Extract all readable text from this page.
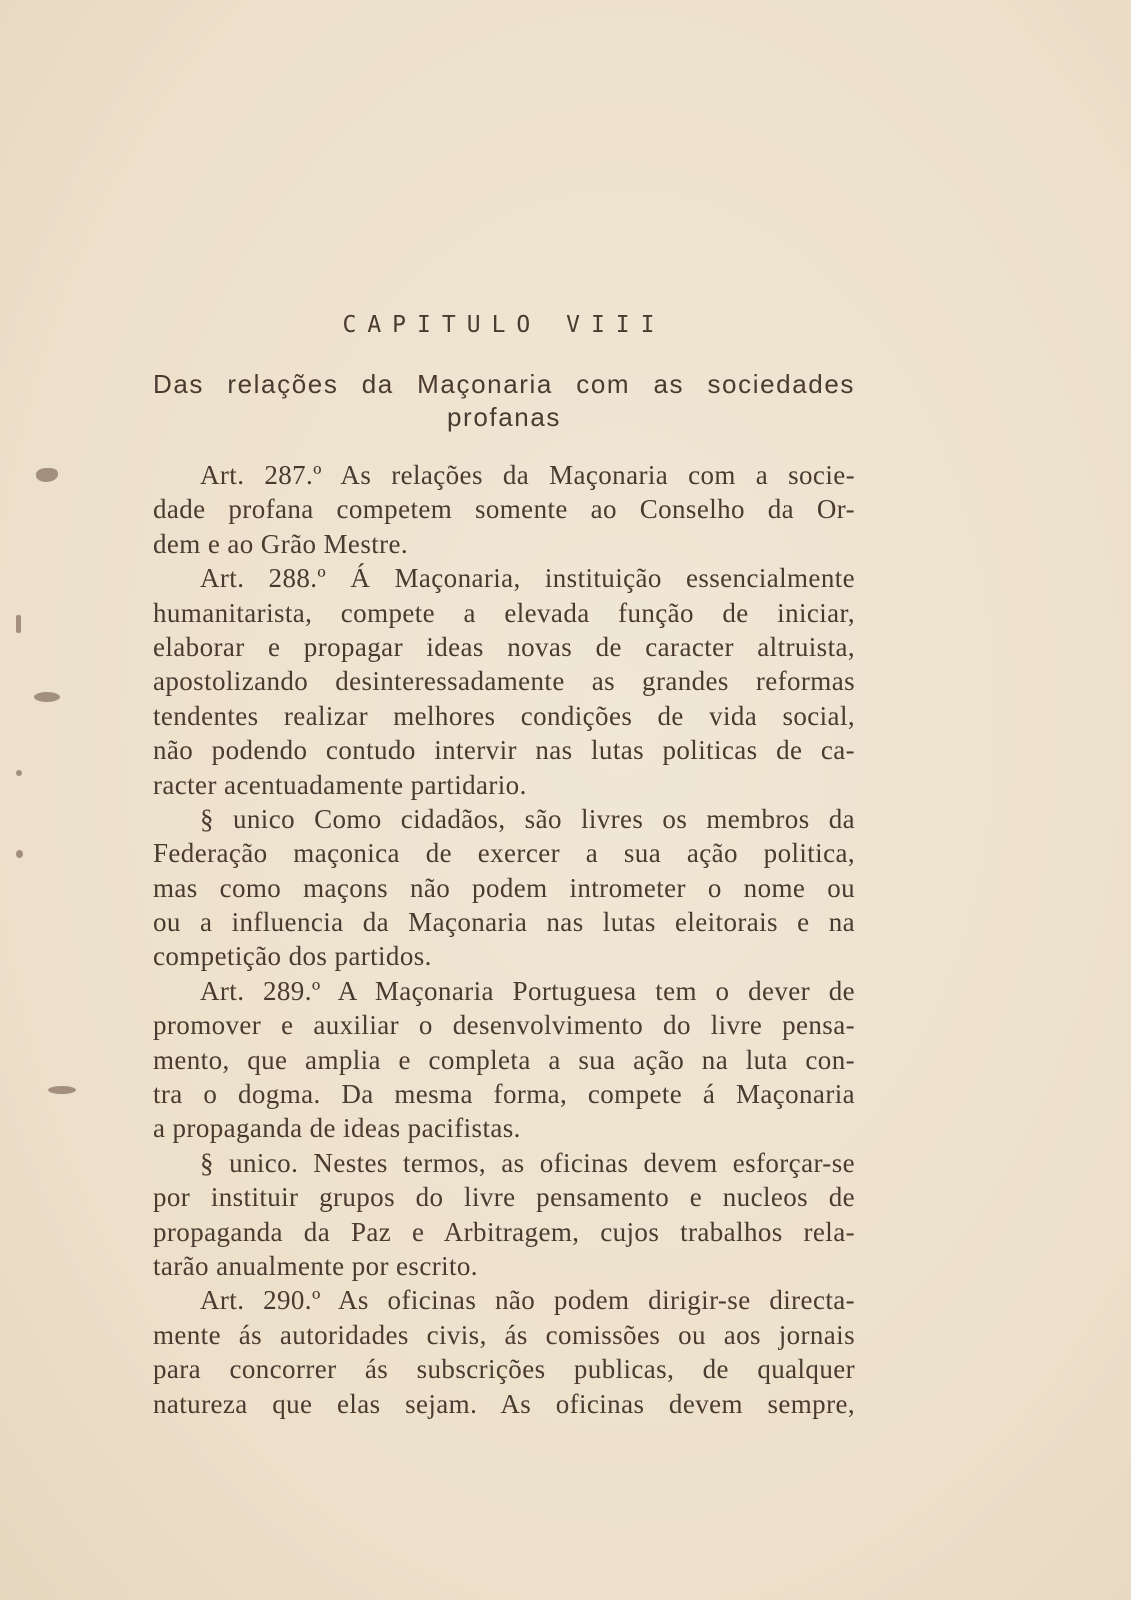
CAPITULO VIII
Das relações da Maçonaria com as sociedades
profanas
Art. 287.º As relações da Maçonaria com a socie-
dade profana competem somente ao Conselho da Or-
dem e ao Grão Mestre.
Art. 288.º Á Maçonaria, instituição essencialmente
humanitarista, compete a elevada função de iniciar,
elaborar e propagar ideas novas de caracter altruista,
apostolizando desinteressadamente as grandes reformas
tendentes realizar melhores condições de vida social,
não podendo contudo intervir nas lutas politicas de ca-
racter acentuadamente partidario.
§ unico Como cidadãos, são livres os membros da
Federação maçonica de exercer a sua ação politica,
mas como maçons não podem intrometer o nome ou
ou a influencia da Maçonaria nas lutas eleitorais e na
competição dos partidos.
Art. 289.º A Maçonaria Portuguesa tem o dever de
promover e auxiliar o desenvolvimento do livre pensa-
mento, que amplia e completa a sua ação na luta con-
tra o dogma. Da mesma forma, compete á Maçonaria
a propaganda de ideas pacifistas.
§ unico. Nestes termos, as oficinas devem esforçar-se
por instituir grupos do livre pensamento e nucleos de
propaganda da Paz e Arbitragem, cujos trabalhos rela-
tarão anualmente por escrito.
Art. 290.º As oficinas não podem dirigir-se directa-
mente ás autoridades civis, ás comissões ou aos jornais
para concorrer ás subscrições publicas, de qualquer
natureza que elas sejam. As oficinas devem sempre,
